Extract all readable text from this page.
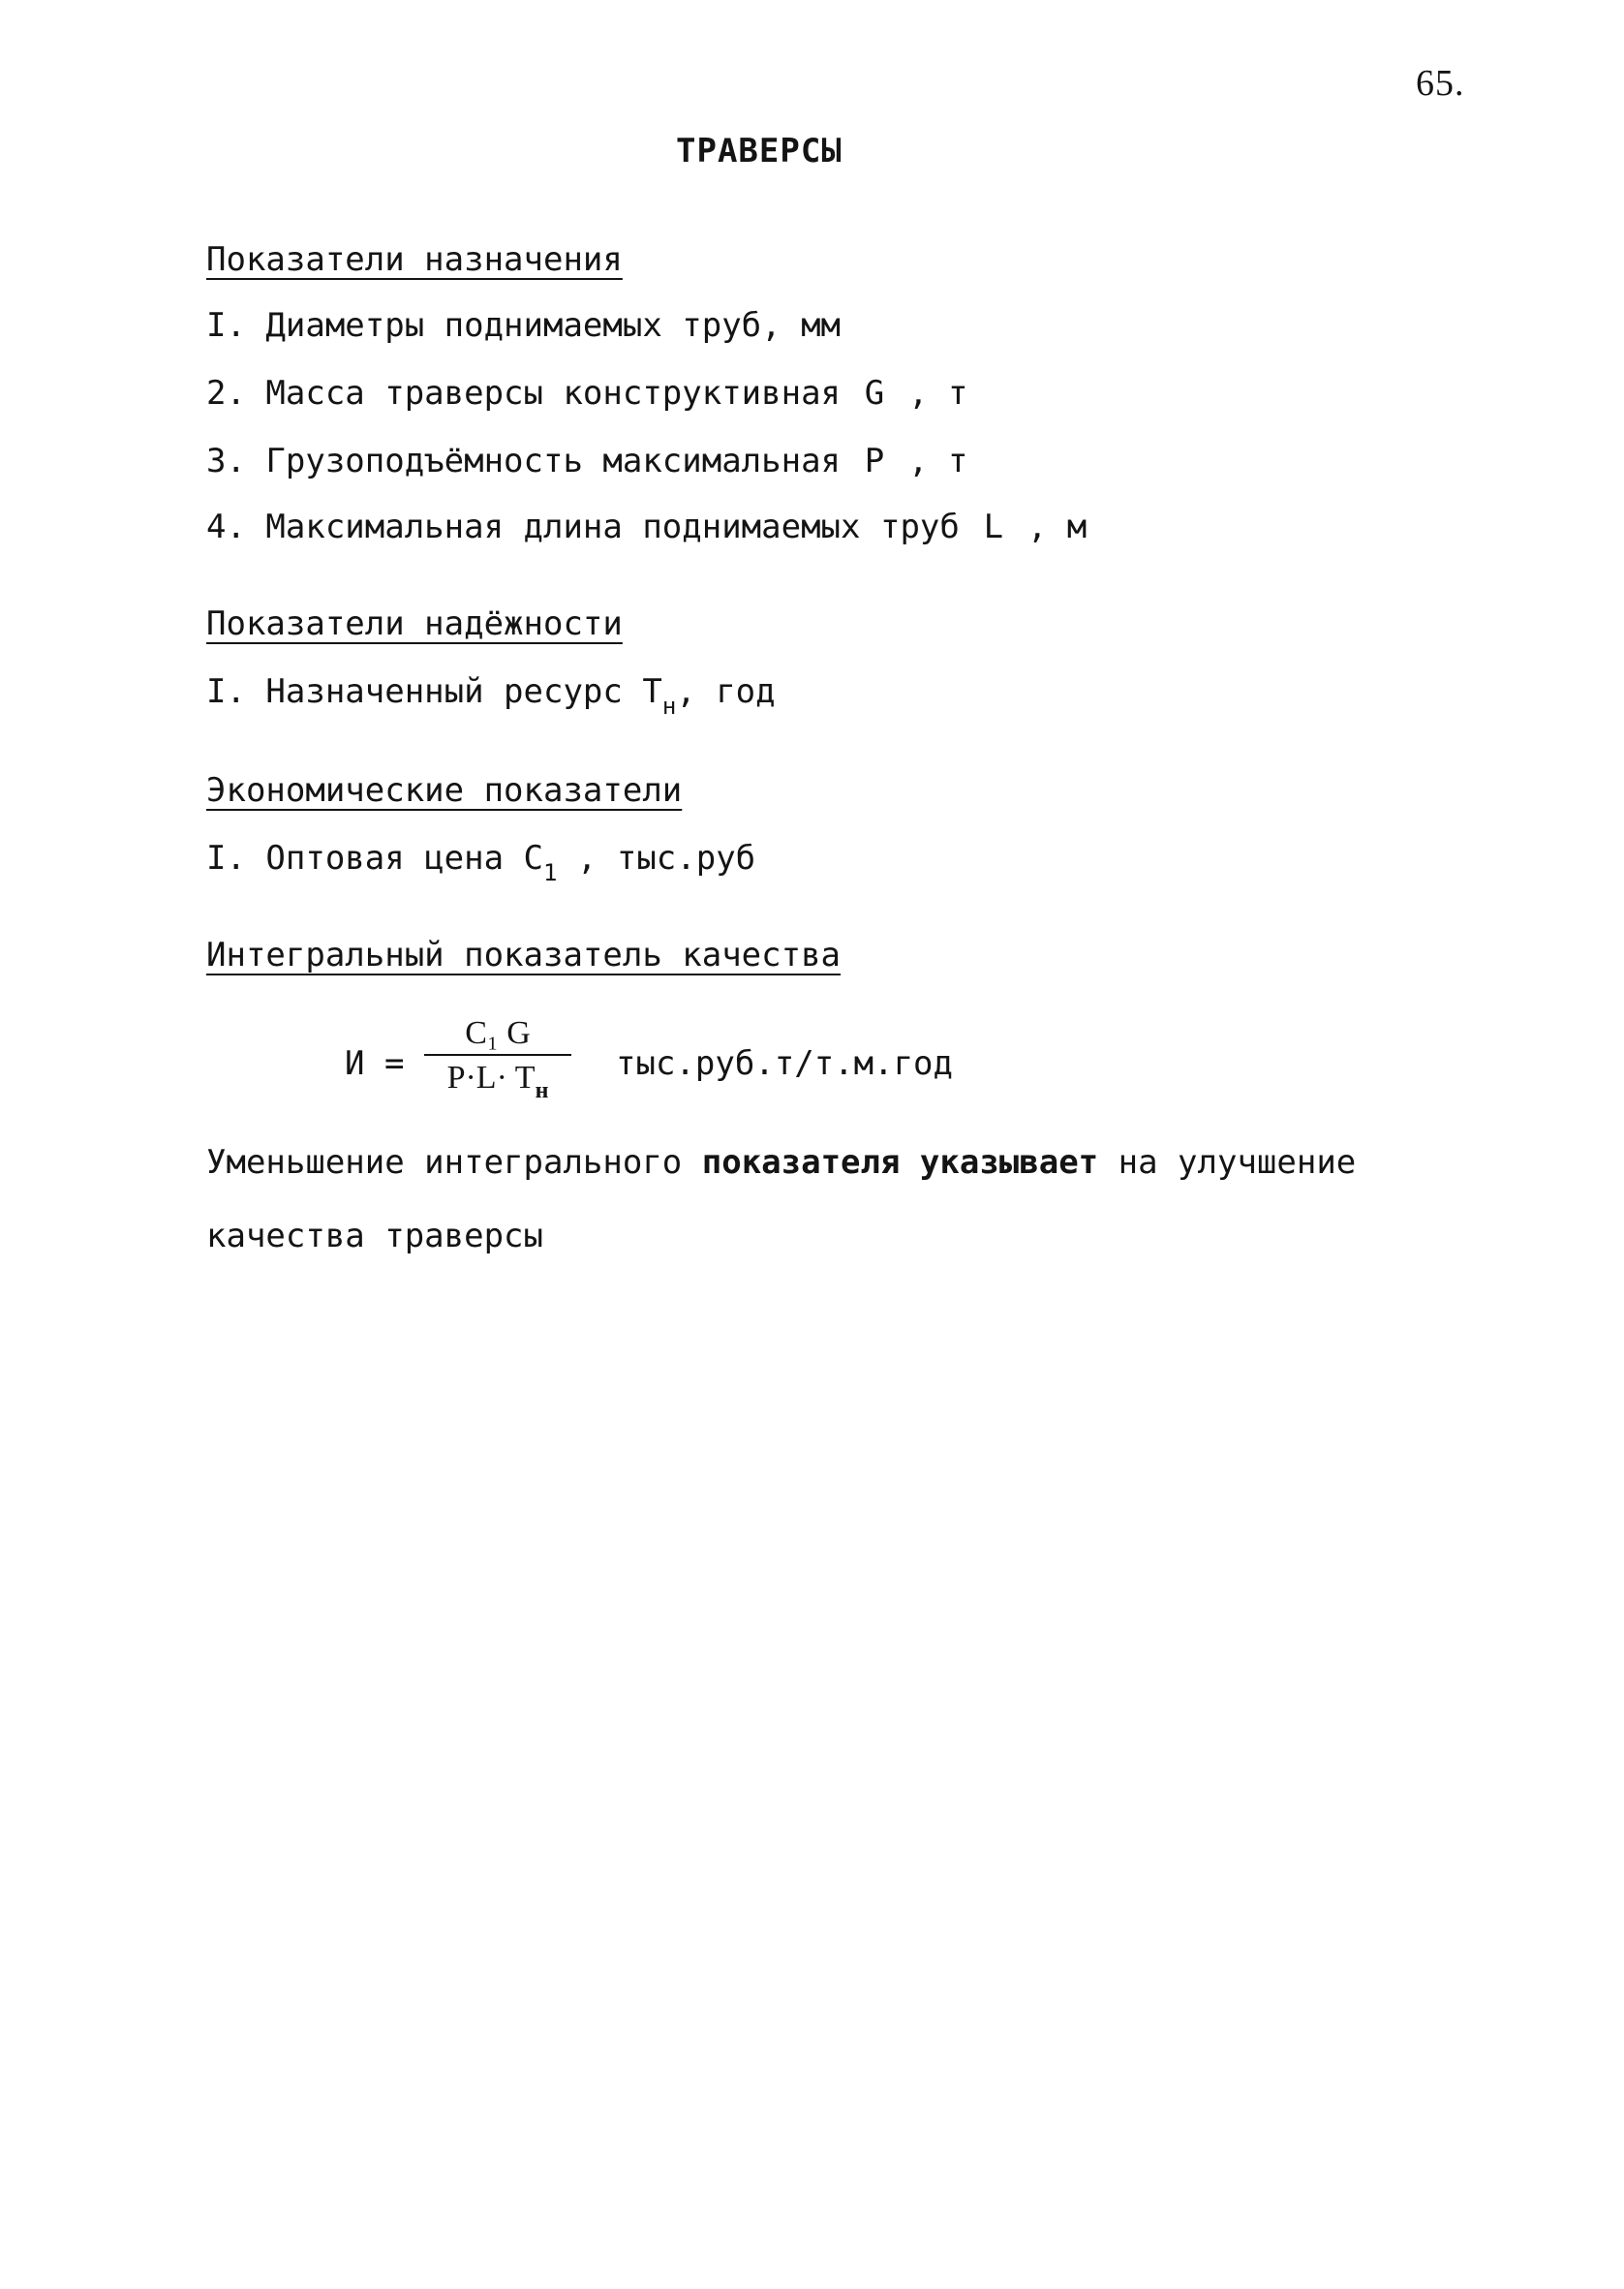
65.
ТРАВЕРСЫ
Показатели назначения
I. Диаметры поднимаемых труб, мм
2. Масса траверсы конструктивная G , т
3. Грузоподъёмность максимальная P , т
4. Максимальная длина поднимаемых труб L , м
Показатели надёжности
I. Назначенный ресурс $T_н$, год
Экономические показатели
I. Оптовая цена $C_1$ , тыс.руб
Интегральный показатель качества
И =
C₁ G
$P\cdot L\cdot T_н$
тыс.руб.т/т.м.год
Уменьшение интегрального показателя указывает на улучшение
качества траверсы
